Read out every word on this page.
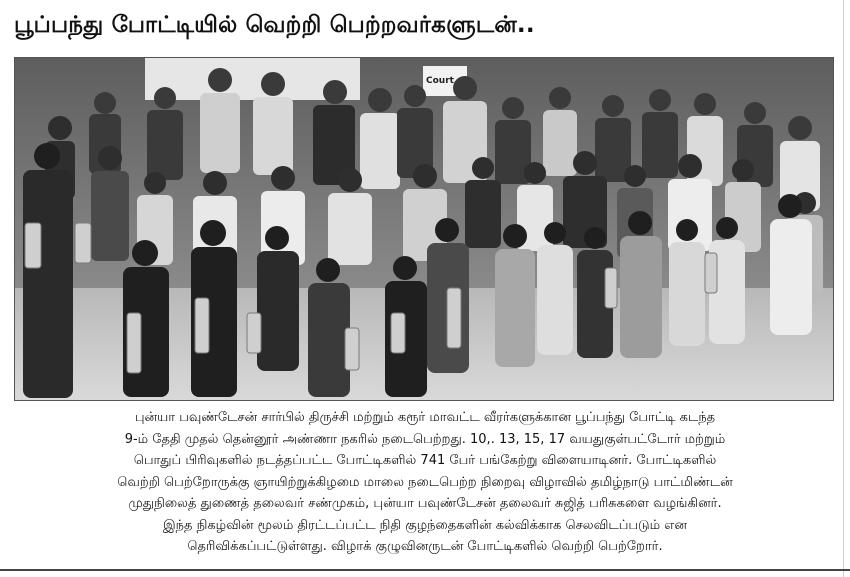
பூப்பந்து போட்டியில் வெற்றி பெற்றவர்களுடன்..
Court
புன்யா பவுண்டேசன் சார்பில் திருச்சி மற்றும் கரூர் மாவட்ட வீரர்களுக்கான பூப்பந்து போட்டி கடந்த
9-ம் தேதி முதல் தென்னூர் அண்ணா நகரில் நடைபெற்றது. 10,. 13, 15, 17 வயதுகுள்பட்டோர் மற்றும்
பொதுப் பிரிவுகளில் நடத்தப்பட்ட போட்டிகளில் 741 பேர் பங்கேற்று விளையாடினர். போட்டிகளில்
வெற்றி பெற்றோருக்கு ஞாயிற்றுக்கிழமை மாலை நடைபெற்ற நிறைவு விழாவில் தமிழ்நாடு பாட்மிண்டன்
முதுநிலைத் துணைத் தலைவர் சண்முகம், புன்யா பவுண்டேசன் தலைவர் சுஜித் பரிசுகளை வழங்கினர்.
இந்த நிகழ்வின் மூலம் திரட்டப்பட்ட நிதி குழந்தைகளின் கல்விக்காக செலவிடப்படும் என
தெரிவிக்கப்பட்டுள்ளது. விழாக் குழுவினருடன் போட்டிகளில் வெற்றி பெற்றோர்.
